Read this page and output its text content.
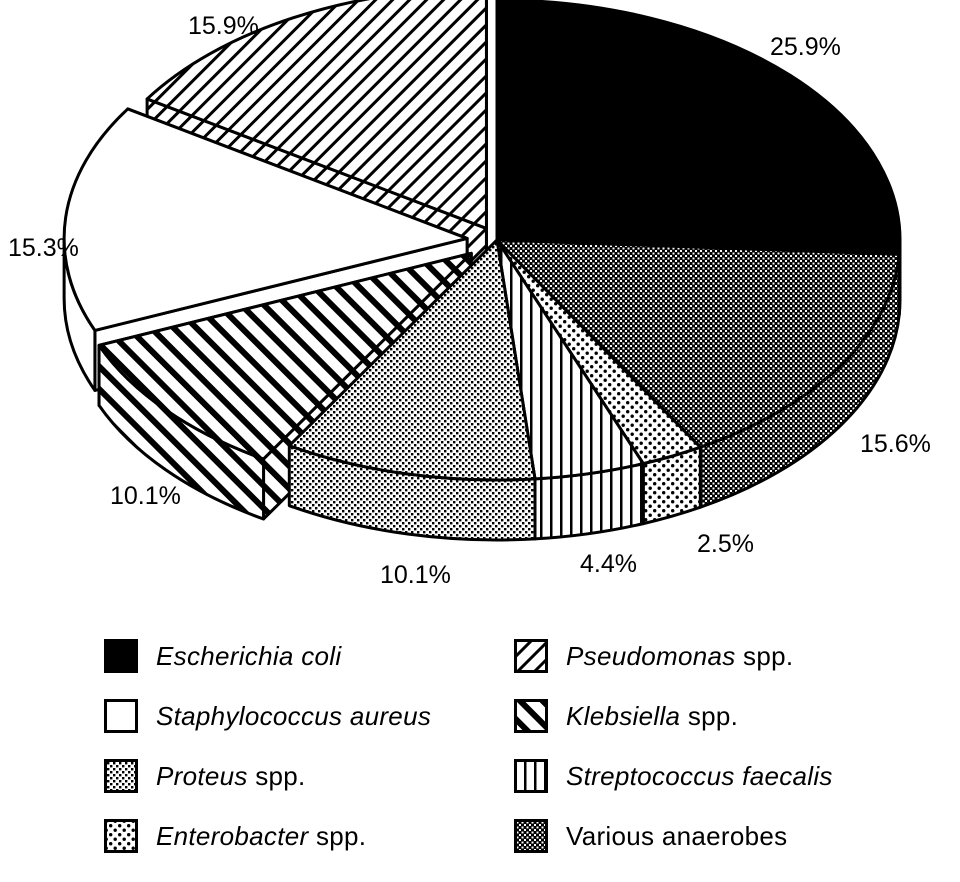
25.9%
15.6%
2.5%
4.4%
10.1%
10.1%
15.3%
15.9%
Escherichia coli	Pseudomonas spp.
Staphylococcus aureus	Klebsiella spp.
Proteus spp.	Streptococcus faecalis
Enterobacter spp.	Various anaerobes
